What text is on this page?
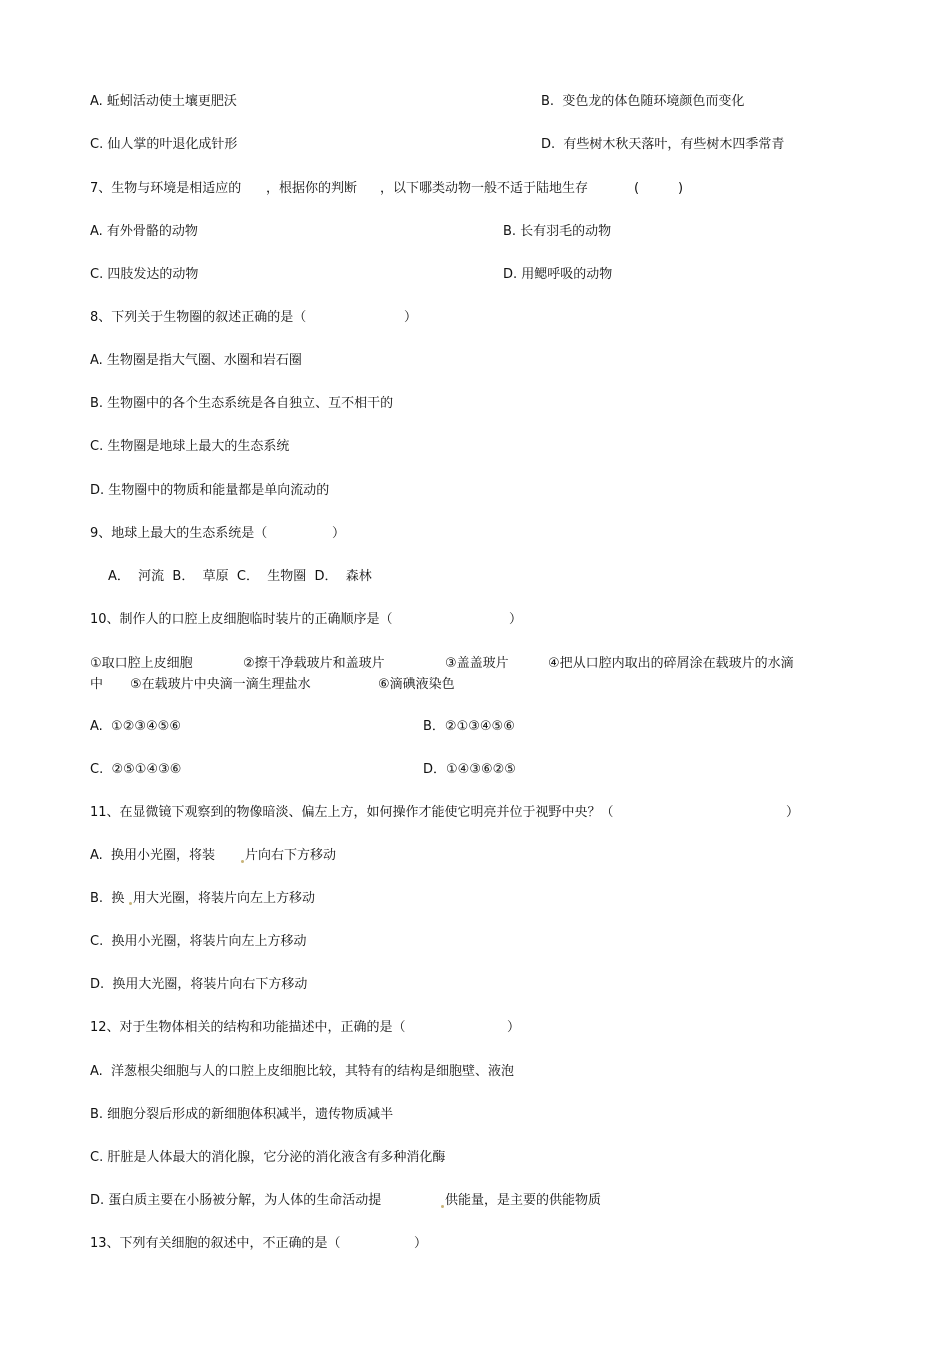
A. 蚯蚓活动使土壤更肥沃	B.  变色龙的体色随环境颜色而变化
C. 仙人掌的叶退化成针形	D.  有些树木秋天落叶，有些树木四季常青
7、生物与环境是相适应的 ，根据你的判断 ，以下哪类动物一般不适于陆地生存	(	)
A. 有外骨骼的动物	B. 长有羽毛的动物
C. 四肢发达的动物	D. 用鳃呼吸的动物
8、下列关于生物圈的叙述正确的是（	）
A. 生物圈是指大气圈、水圈和岩石圈
B. 生物圈中的各个生态系统是各自独立、互不相干的
C. 生物圈是地球上最大的生态系统
D. 生物圈中的物质和能量都是单向流动的
9、地球上最大的生态系统是（	）
A．  河流  B．  草原  C．  生物圈  D．  森林
10、制作人的口腔上皮细胞临时装片的正确顺序是（	）
①取口腔上皮细胞	②擦干净载玻片和盖玻片	③盖盖玻片	④把从口腔内取出的碎屑涂在载玻片的水滴
中 ⑤在载玻片中央滴一滴生理盐水	⑥滴碘液染色
A.  ①②③④⑤⑥	B．②①③④⑤⑥
C.  ②⑤①④③⑥	D．①④③⑥②⑤
11、在显微镜下观察到的物像暗淡、偏左上方，如何操作才能使它明亮并位于视野中央？（	）
A.  换用小光圈，将装 片向右下方移动
B.  换 用大光圈，将装片向左上方移动
C.  换用小光圈，将装片向左上方移动
D.  换用大光圈，将装片向右下方移动
12、对于生物体相关的结构和功能描述中，正确的是（	）
A.  洋葱根尖细胞与人的口腔上皮细胞比较，其特有的结构是细胞壁、液泡
B. 细胞分裂后形成的新细胞体积减半，遗传物质减半
C. 肝脏是人体最大的消化腺，它分泌的消化液含有多种消化酶
D. 蛋白质主要在小肠被分解，为人体的生命活动提	供能量，是主要的供能物质
13、下列有关细胞的叙述中，不正确的是（	）
